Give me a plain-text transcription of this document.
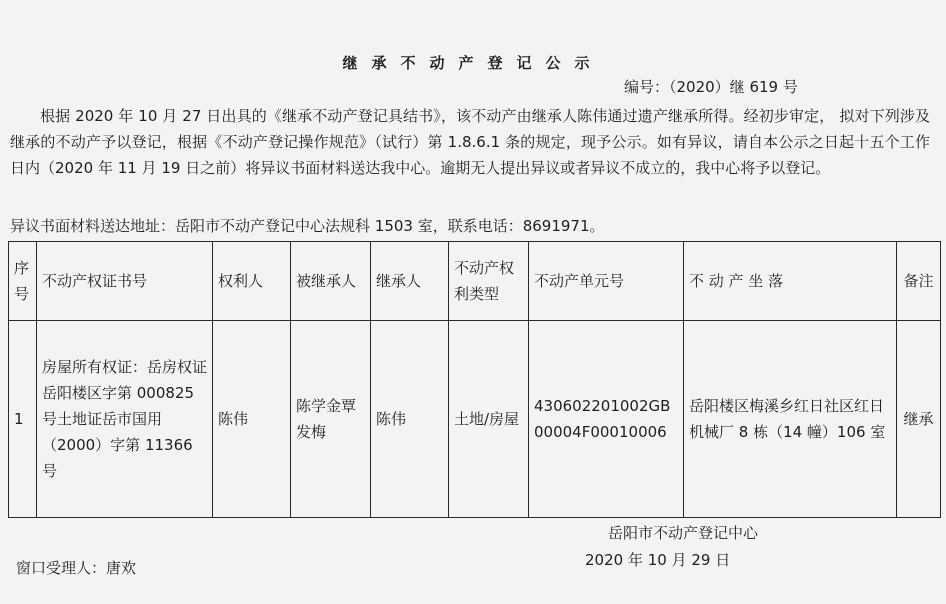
继承不动产登记公示
编号：（2020）继 619 号

根据 2020 年 10 月 27 日出具的《继承不动产登记具结书》，该不动产由继承人陈伟通过遗产继承所得。经初步审定， 拟对下列涉及继承的不动产予以登记，根据《不动产登记操作规范》（试行）第 1.8.6.1 条的规定，现予公示。如有异议，请自本公示之日起十五个工作日内（2020 年 11 月 19 日之前）将异议书面材料送达我中心。逾期无人提出异议或者异议不成立的，我中心将予以登记。

异议书面材料送达地址：岳阳市不动产登记中心法规科 1503 室，联系电话：8691971。
序号	不动产权证书号	权利人	被继承人	继承人	不动产权利类型	不动产单元号	不 动 产 坐 落	备注
1	房屋所有权证：岳房权证岳阳楼区字第 000825 号土地证岳市国用（2000）字第 11366 号	陈伟	陈学金覃发梅	陈伟	土地/房屋	430602201002GB00004F00010006	岳阳楼区梅溪乡红日社区红日机械厂 8 栋（14 幢）106 室	继承
岳阳市不动产登记中心
2020 年 10 月 29 日
窗口受理人：唐欢
